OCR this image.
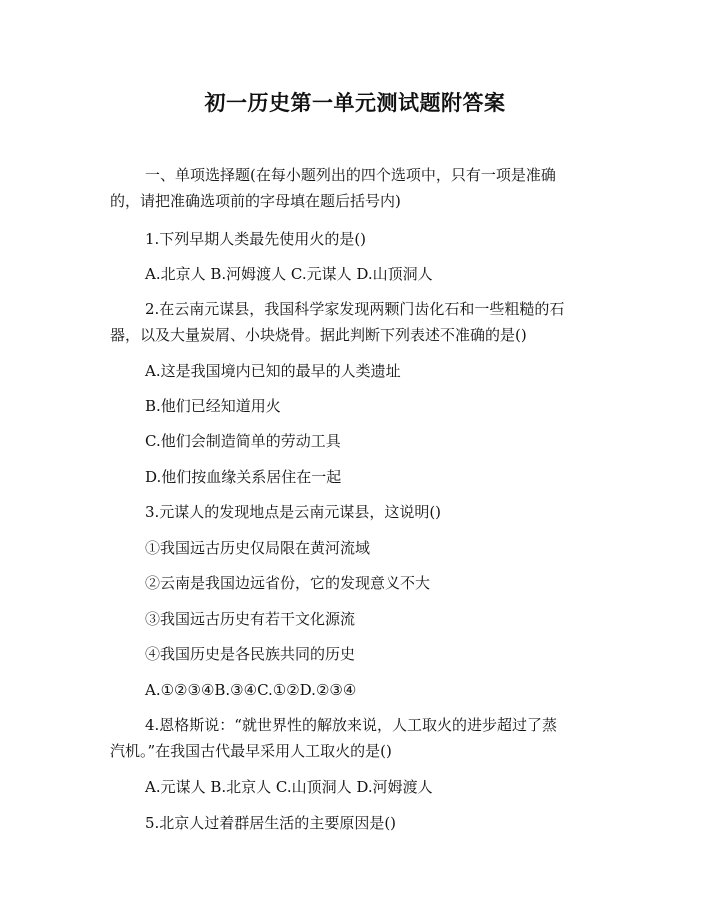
初一历史第一单元测试题附答案
一、单项选择题(在每小题列出的四个选项中，只有一项是准确
的，请把准确选项前的字母填在题后括号内)
1.下列早期人类最先使用火的是()
A.北京人 B.河姆渡人 C.元谋人 D.山顶洞人
2.在云南元谋县，我国科学家发现两颗门齿化石和一些粗糙的石
器，以及大量炭屑、小块烧骨。据此判断下列表述不准确的是()
A.这是我国境内已知的最早的人类遗址
B.他们已经知道用火
C.他们会制造简单的劳动工具
D.他们按血缘关系居住在一起
3.元谋人的发现地点是云南元谋县，这说明()
①我国远古历史仅局限在黄河流域
②云南是我国边远省份，它的发现意义不大
③我国远古历史有若干文化源流
④我国历史是各民族共同的历史
A.①②③④B.③④C.①②D.②③④
4.恩格斯说：“就世界性的解放来说，人工取火的进步超过了蒸
汽机。”在我国古代最早采用人工取火的是()
A.元谋人 B.北京人 C.山顶洞人 D.河姆渡人
5.北京人过着群居生活的主要原因是()
